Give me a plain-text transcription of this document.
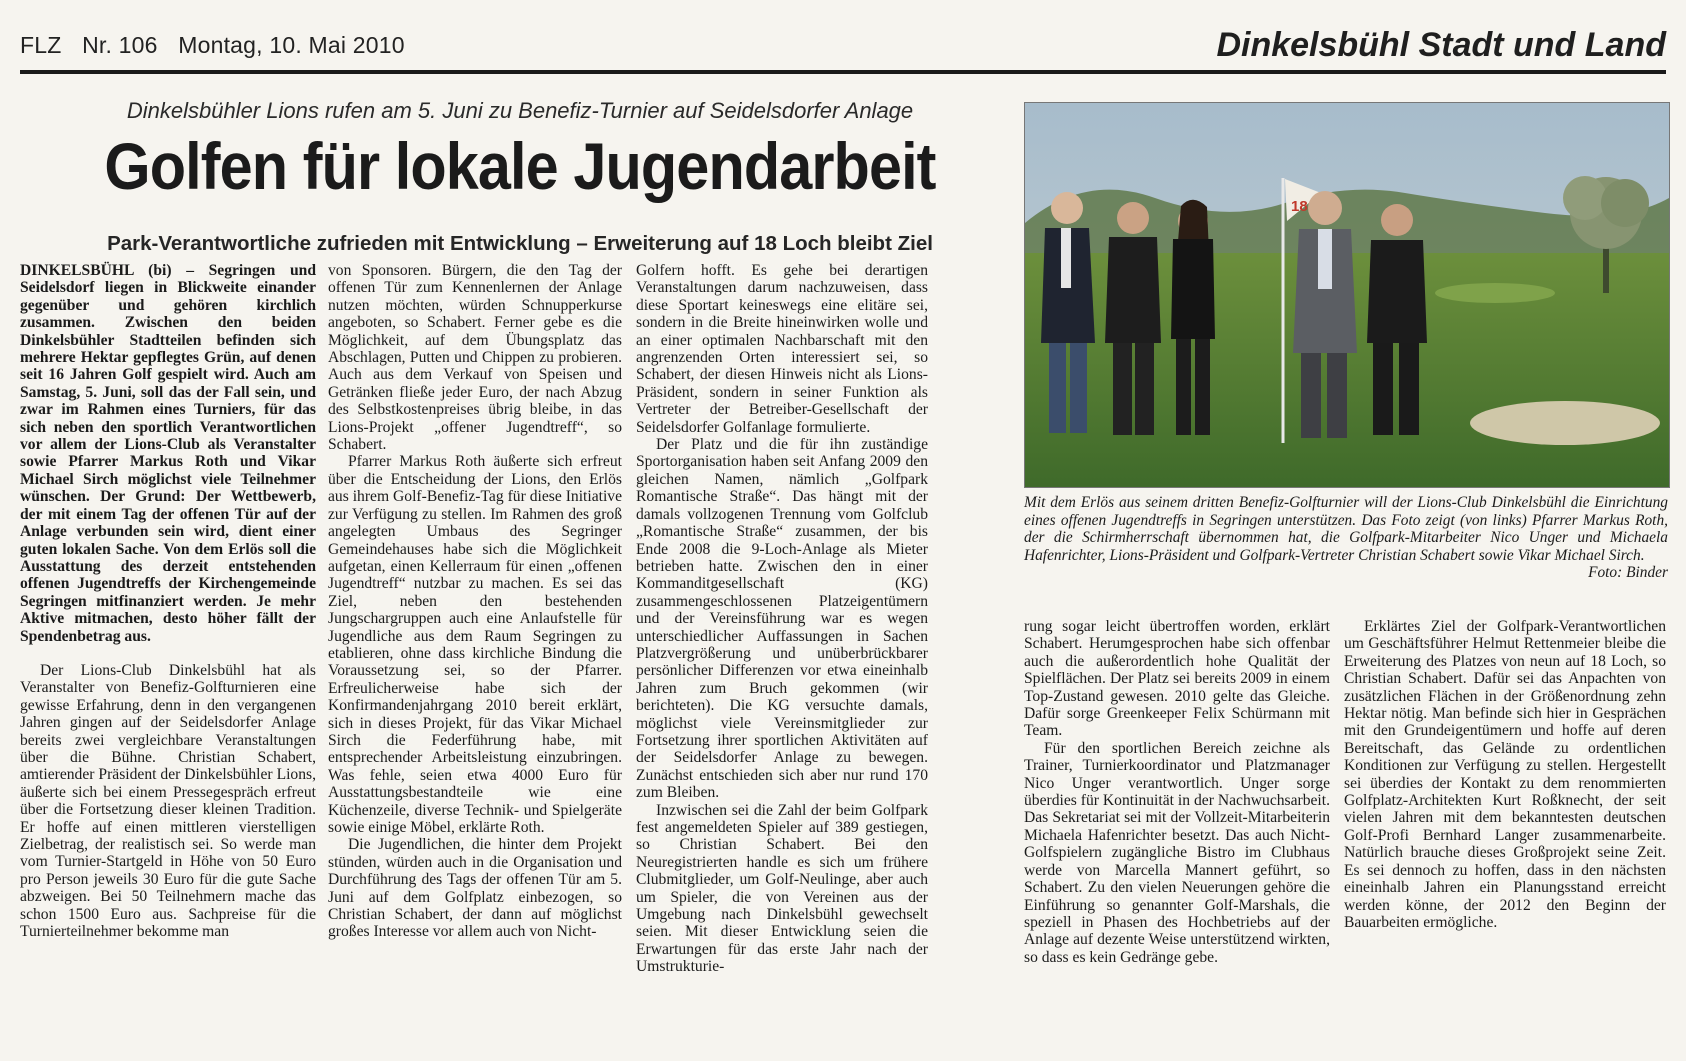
FLZ Nr. 106 Montag, 10. Mai 2010	Dinkelsbühl Stadt und Land
Dinkelsbühler Lions rufen am 5. Juni zu Benefiz-Turnier auf Seidelsdorfer Anlage
Golfen für lokale Jugendarbeit
Park-Verantwortliche zufrieden mit Entwicklung – Erweiterung auf 18 Loch bleibt Ziel

DINKELSBÜHL (bi) – Segringen und Seidelsdorf liegen in Blickweite einander gegenüber und gehören kirchlich zusammen. Zwischen den beiden Dinkelsbühler Stadtteilen befinden sich mehrere Hektar gepflegtes Grün, auf denen seit 16 Jahren Golf gespielt wird. Auch am Samstag, 5. Juni, soll das der Fall sein, und zwar im Rahmen eines Turniers, für das sich neben den sportlich Verantwortlichen vor allem der Lions-Club als Veranstalter sowie Pfarrer Markus Roth und Vikar Michael Sirch möglichst viele Teilnehmer wünschen. Der Grund: Der Wettbewerb, der mit einem Tag der offenen Tür auf der Anlage verbunden sein wird, dient einer guten lokalen Sache. Von dem Erlös soll die Ausstattung des derzeit entstehenden offenen Jugendtreffs der Kirchengemeinde Segringen mitfinanziert werden. Je mehr Aktive mitmachen, desto höher fällt der Spendenbetrag aus.

Der Lions-Club Dinkelsbühl hat als Veranstalter von Benefiz-Golfturnieren eine gewisse Erfahrung, denn in den vergangenen Jahren gingen auf der Seidelsdorfer Anlage bereits zwei vergleichbare Veranstaltungen über die Bühne. Christian Schabert, amtierender Präsident der Dinkelsbühler Lions, äußerte sich bei einem Pressegespräch erfreut über die Fortsetzung dieser kleinen Tradition. Er hoffe auf einen mittleren vierstelligen Zielbetrag, der realistisch sei. So werde man vom Turnier-Startgeld in Höhe von 50 Euro pro Person jeweils 30 Euro für die gute Sache abzweigen. Bei 50 Teilnehmern mache das schon 1500 Euro aus. Sachpreise für die Turnierteilnehmer bekomme man

von Sponsoren. Bürgern, die den Tag der offenen Tür zum Kennenlernen der Anlage nutzen möchten, würden Schnupperkurse angeboten, so Schabert. Ferner gebe es die Möglichkeit, auf dem Übungsplatz das Abschlagen, Putten und Chippen zu probieren. Auch aus dem Verkauf von Speisen und Getränken fließe jeder Euro, der nach Abzug des Selbstkostenpreises übrig bleibe, in das Lions-Projekt „offener Jugendtreff“, so Schabert.

Pfarrer Markus Roth äußerte sich erfreut über die Entscheidung der Lions, den Erlös aus ihrem Golf-Benefiz-Tag für diese Initiative zur Verfügung zu stellen. Im Rahmen des groß angelegten Umbaus des Segringer Gemeindehauses habe sich die Möglichkeit aufgetan, einen Kellerraum für einen „offenen Jugendtreff“ nutzbar zu machen. Es sei das Ziel, neben den bestehenden Jungschargruppen auch eine Anlaufstelle für Jugendliche aus dem Raum Segringen zu etablieren, ohne dass kirchliche Bindung die Voraussetzung sei, so der Pfarrer. Erfreulicherweise habe sich der Konfirmandenjahrgang 2010 bereit erklärt, sich in dieses Projekt, für das Vikar Michael Sirch die Federführung habe, mit entsprechender Arbeitsleistung einzubringen. Was fehle, seien etwa 4000 Euro für Ausstattungsbestandteile wie eine Küchenzeile, diverse Technik- und Spielgeräte sowie einige Möbel, erklärte Roth.

Die Jugendlichen, die hinter dem Projekt stünden, würden auch in die Organisation und Durchführung des Tags der offenen Tür am 5. Juni auf dem Golfplatz einbezogen, so Christian Schabert, der dann auf möglichst großes Interesse vor allem auch von Nicht-

Golfern hofft. Es gehe bei derartigen Veranstaltungen darum nachzuweisen, dass diese Sportart keineswegs eine elitäre sei, sondern in die Breite hineinwirken wolle und an einer optimalen Nachbarschaft mit den angrenzenden Orten interessiert sei, so Schabert, der diesen Hinweis nicht als Lions-Präsident, sondern in seiner Funktion als Vertreter der Betreiber-Gesellschaft der Seidelsdorfer Golfanlage formulierte.

Der Platz und die für ihn zuständige Sportorganisation haben seit Anfang 2009 den gleichen Namen, nämlich „Golfpark Romantische Straße“. Das hängt mit der damals vollzogenen Trennung vom Golfclub „Romantische Straße“ zusammen, der bis Ende 2008 die 9-Loch-Anlage als Mieter betrieben hatte. Zwischen den in einer Kommanditgesellschaft (KG) zusammengeschlossenen Platzeigentümern und der Vereinsführung war es wegen unterschiedlicher Auffassungen in Sachen Platzvergrößerung und unüberbrückbarer persönlicher Differenzen vor etwa eineinhalb Jahren zum Bruch gekommen (wir berichteten). Die KG versuchte damals, möglichst viele Vereinsmitglieder zur Fortsetzung ihrer sportlichen Aktivitäten auf der Seidelsdorfer Anlage zu bewegen. Zunächst entschieden sich aber nur rund 170 zum Bleiben.

Inzwischen sei die Zahl der beim Golfpark fest angemeldeten Spieler auf 389 gestiegen, so Christian Schabert. Bei den Neuregistrierten handle es sich um frühere Clubmitglieder, um Golf-Neulinge, aber auch um Spieler, die von Vereinen aus der Umgebung nach Dinkelsbühl gewechselt seien. Mit dieser Entwicklung seien die Erwartungen für das erste Jahr nach der Umstrukturie-

18
Mit dem Erlös aus seinem dritten Benefiz-Golfturnier will der Lions-Club Dinkelsbühl die Einrichtung eines offenen Jugendtreffs in Segringen unterstützen. Das Foto zeigt (von links) Pfarrer Markus Roth, der die Schirmherrschaft übernommen hat, die Golfpark-Mitarbeiter Nico Unger und Michaela Hafenrichter, Lions-Präsident und Golfpark-Vertreter Christian Schabert sowie Vikar Michael Sirch.
Foto: Binder

rung sogar leicht übertroffen worden, erklärt Schabert. Herumgesprochen habe sich offenbar auch die außerordentlich hohe Qualität der Spielflächen. Der Platz sei bereits 2009 in einem Top-Zustand gewesen. 2010 gelte das Gleiche. Dafür sorge Greenkeeper Felix Schürmann mit Team.

Für den sportlichen Bereich zeichne als Trainer, Turnierkoordinator und Platzmanager Nico Unger verantwortlich. Unger sorge überdies für Kontinuität in der Nachwuchsarbeit. Das Sekretariat sei mit der Vollzeit-Mitarbeiterin Michaela Hafenrichter besetzt. Das auch Nicht-Golfspielern zugängliche Bistro im Clubhaus werde von Marcella Mannert geführt, so Schabert. Zu den vielen Neuerungen gehöre die Einführung so genannter Golf-Marshals, die speziell in Phasen des Hochbetriebs auf der Anlage auf dezente Weise unterstützend wirkten, so dass es kein Gedränge gebe.

Erklärtes Ziel der Golfpark-Verantwortlichen um Geschäftsführer Helmut Rettenmeier bleibe die Erweiterung des Platzes von neun auf 18 Loch, so Christian Schabert. Dafür sei das Anpachten von zusätzlichen Flächen in der Größenordnung zehn Hektar nötig. Man befinde sich hier in Gesprächen mit den Grundeigentümern und hoffe auf deren Bereitschaft, das Gelände zu ordentlichen Konditionen zur Verfügung zu stellen. Hergestellt sei überdies der Kontakt zu dem renommierten Golfplatz-Architekten Kurt Roßknecht, der seit vielen Jahren mit dem bekanntesten deutschen Golf-Profi Bernhard Langer zusammenarbeite. Natürlich brauche dieses Großprojekt seine Zeit. Es sei dennoch zu hoffen, dass in den nächsten eineinhalb Jahren ein Planungsstand erreicht werden könne, der 2012 den Beginn der Bauarbeiten ermögliche.
